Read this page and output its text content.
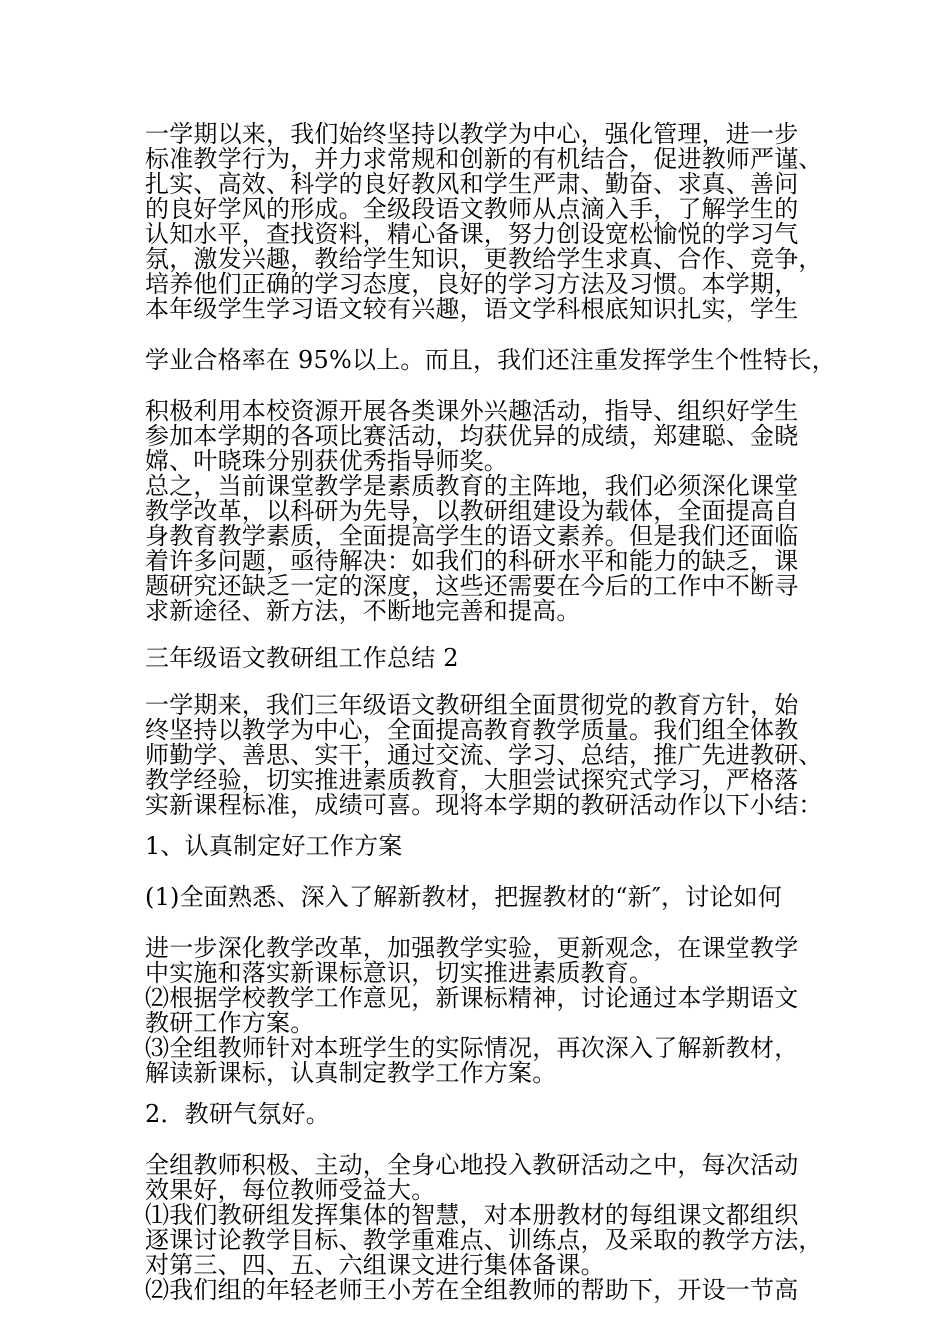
一学期以来，我们始终坚持以教学为中心，强化管理，进一步
标准教学行为，并力求常规和创新的有机结合，促进教师严谨、
扎实、高效、科学的良好教风和学生严肃、勤奋、求真、善问
的良好学风的形成。全级段语文教师从点滴入手，了解学生的
认知水平，查找资料，精心备课，努力创设宽松愉悦的学习气
氛，激发兴趣，教给学生知识，更教给学生求真、合作、竞争，
培养他们正确的学习态度，良好的学习方法及习惯。本学期，
本年级学生学习语文较有兴趣，语文学科根底知识扎实，学生
学业合格率在 95%以上。而且，我们还注重发挥学生个性特长，
积极利用本校资源开展各类课外兴趣活动，指导、组织好学生
参加本学期的各项比赛活动，均获优异的成绩，郑建聪、金晓
嫦、叶晓珠分别获优秀指导师奖。
总之，当前课堂教学是素质教育的主阵地，我们必须深化课堂
教学改革，以科研为先导，以教研组建设为载体，全面提高自
身教育教学素质，全面提高学生的语文素养。但是我们还面临
着许多问题，亟待解决：如我们的科研水平和能力的缺乏，课
题研究还缺乏一定的深度，这些还需要在今后的工作中不断寻
求新途径、新方法，不断地完善和提高。
三年级语文教研组工作总结 2
一学期来，我们三年级语文教研组全面贯彻党的教育方针，始
终坚持以教学为中心，全面提高教育教学质量。我们组全体教
师勤学、善思、实干，通过交流、学习、总结，推广先进教研、
教学经验，切实推进素质教育，大胆尝试探究式学习，严格落
实新课程标准，成绩可喜。现将本学期的教研活动作以下小结：
1、认真制定好工作方案
(1)全面熟悉、深入了解新教材，把握教材的“新″，讨论如何
进一步深化教学改革，加强教学实验，更新观念，在课堂教学
中实施和落实新课标意识，切实推进素质教育。
⑵根据学校教学工作意见，新课标精神，讨论通过本学期语文
教研工作方案。
⑶全组教师针对本班学生的实际情况，再次深入了解新教材，
解读新课标，认真制定教学工作方案。
2．教研气氛好。
全组教师积极、主动，全身心地投入教研活动之中，每次活动
效果好，每位教师受益大。
⑴我们教研组发挥集体的智慧，对本册教材的每组课文都组织
逐课讨论教学目标、教学重难点、训练点，及采取的教学方法，
对第三、四、五、六组课文进行集体备课。
⑵我们组的年轻老师王小芳在全组教师的帮助下，开设一节高
